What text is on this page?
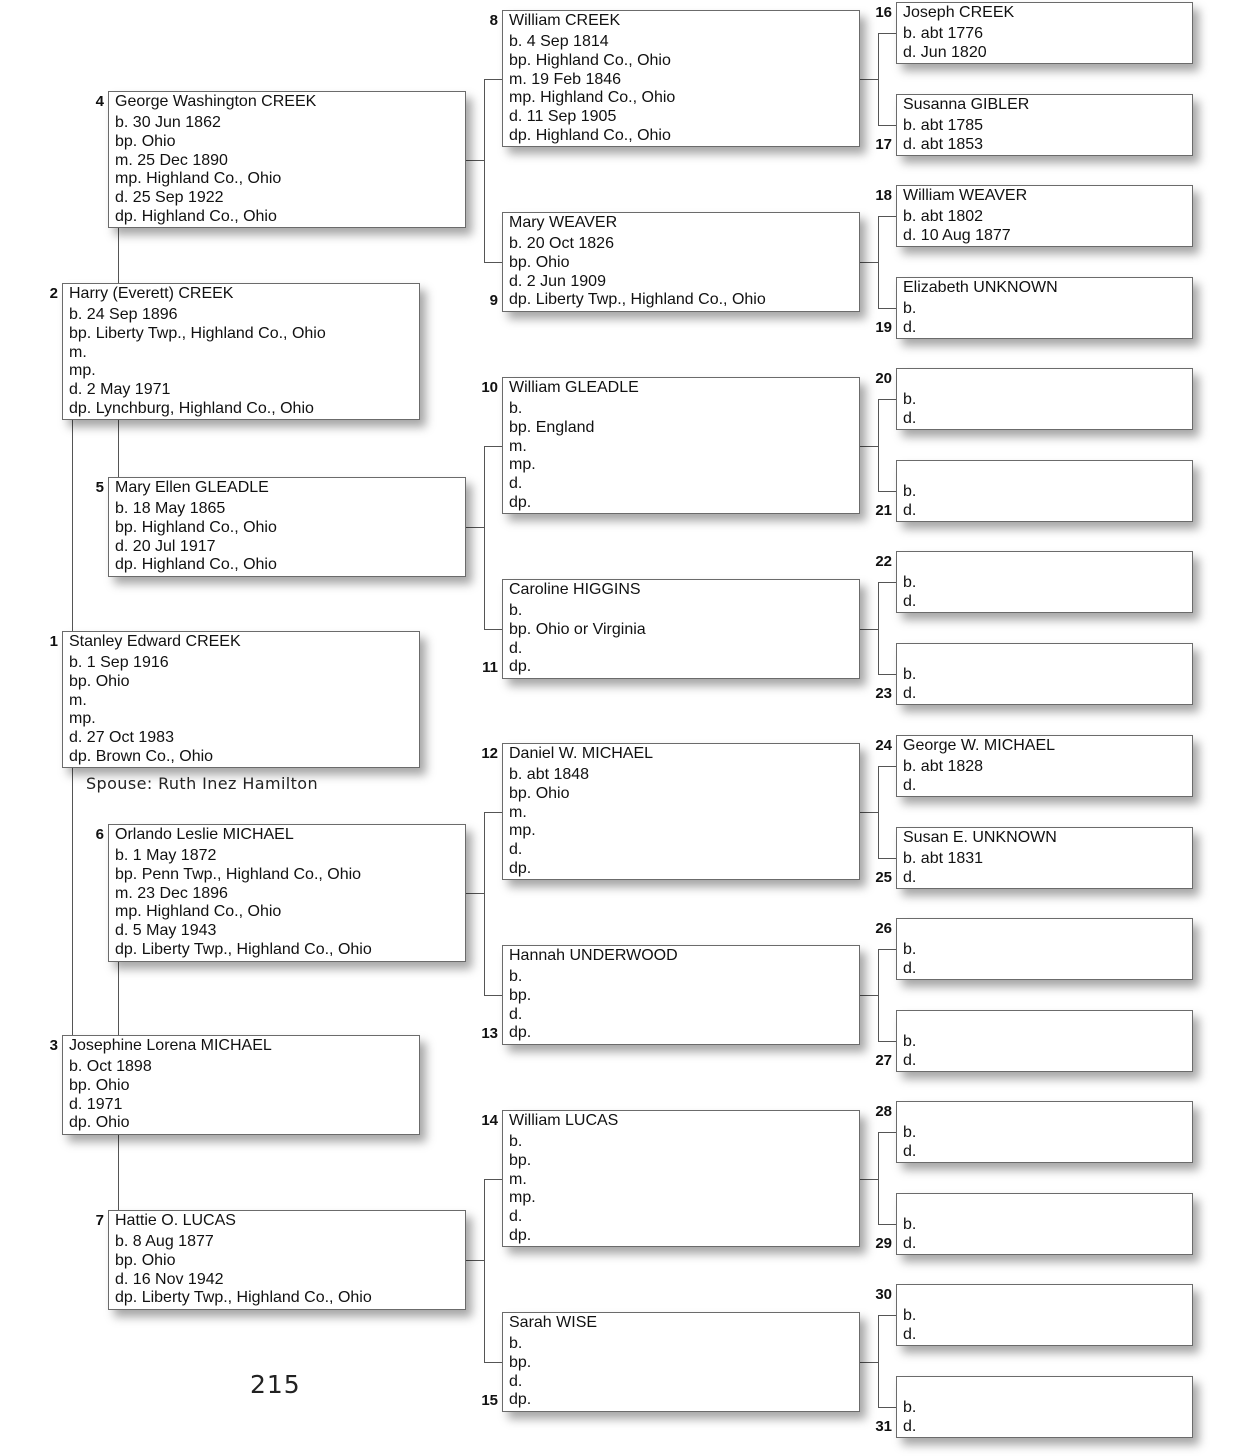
Stanley Edward CREEK
b. 1 Sep 1916
bp. Ohio
m.
mp.
d. 27 Oct 1983
dp. Brown Co., Ohio
1
Harry (Everett) CREEK
b. 24 Sep 1896
bp. Liberty Twp., Highland Co., Ohio
m.
mp.
d. 2 May 1971
dp. Lynchburg, Highland Co., Ohio
2
Josephine Lorena MICHAEL
b. Oct 1898
bp. Ohio
d. 1971
dp. Ohio
3
George Washington CREEK
b. 30 Jun 1862
bp. Ohio
m. 25 Dec 1890
mp. Highland Co., Ohio
d. 25 Sep 1922
dp. Highland Co., Ohio
4
Mary Ellen GLEADLE
b. 18 May 1865
bp. Highland Co., Ohio
d. 20 Jul 1917
dp. Highland Co., Ohio
5
Orlando Leslie MICHAEL
b. 1 May 1872
bp. Penn Twp., Highland Co., Ohio
m. 23 Dec 1896
mp. Highland Co., Ohio
d. 5 May 1943
dp. Liberty Twp., Highland Co., Ohio
6
Hattie O. LUCAS
b. 8 Aug 1877
bp. Ohio
d. 16 Nov 1942
dp. Liberty Twp., Highland Co., Ohio
7
William CREEK
b. 4 Sep 1814
bp. Highland Co., Ohio
m. 19 Feb 1846
mp. Highland Co., Ohio
d. 11 Sep 1905
dp. Highland Co., Ohio
8
Mary WEAVER
b. 20 Oct 1826
bp. Ohio
d. 2 Jun 1909
dp. Liberty Twp., Highland Co., Ohio
9
William GLEADLE
b.
bp. England
m.
mp.
d.
dp.
10
Caroline HIGGINS
b.
bp. Ohio or Virginia
d.
dp.
11
Daniel W. MICHAEL
b. abt 1848
bp. Ohio
m.
mp.
d.
dp.
12
Hannah UNDERWOOD
b.
bp.
d.
dp.
13
William LUCAS
b.
bp.
m.
mp.
d.
dp.
14
Sarah WISE
b.
bp.
d.
dp.
15
Joseph CREEK
b. abt 1776
d. Jun 1820
16
Susanna GIBLER
b. abt 1785
d. abt 1853
17
William WEAVER
b. abt 1802
d. 10 Aug 1877
18
Elizabeth UNKNOWN
b.
d.
19
b.
d.
20
b.
d.
21
b.
d.
22
b.
d.
23
George W. MICHAEL
b. abt 1828
d.
24
Susan E. UNKNOWN
b. abt 1831
d.
25
b.
d.
26
b.
d.
27
b.
d.
28
b.
d.
29
b.
d.
30
b.
d.
31
Spouse: Ruth Inez Hamilton
215
